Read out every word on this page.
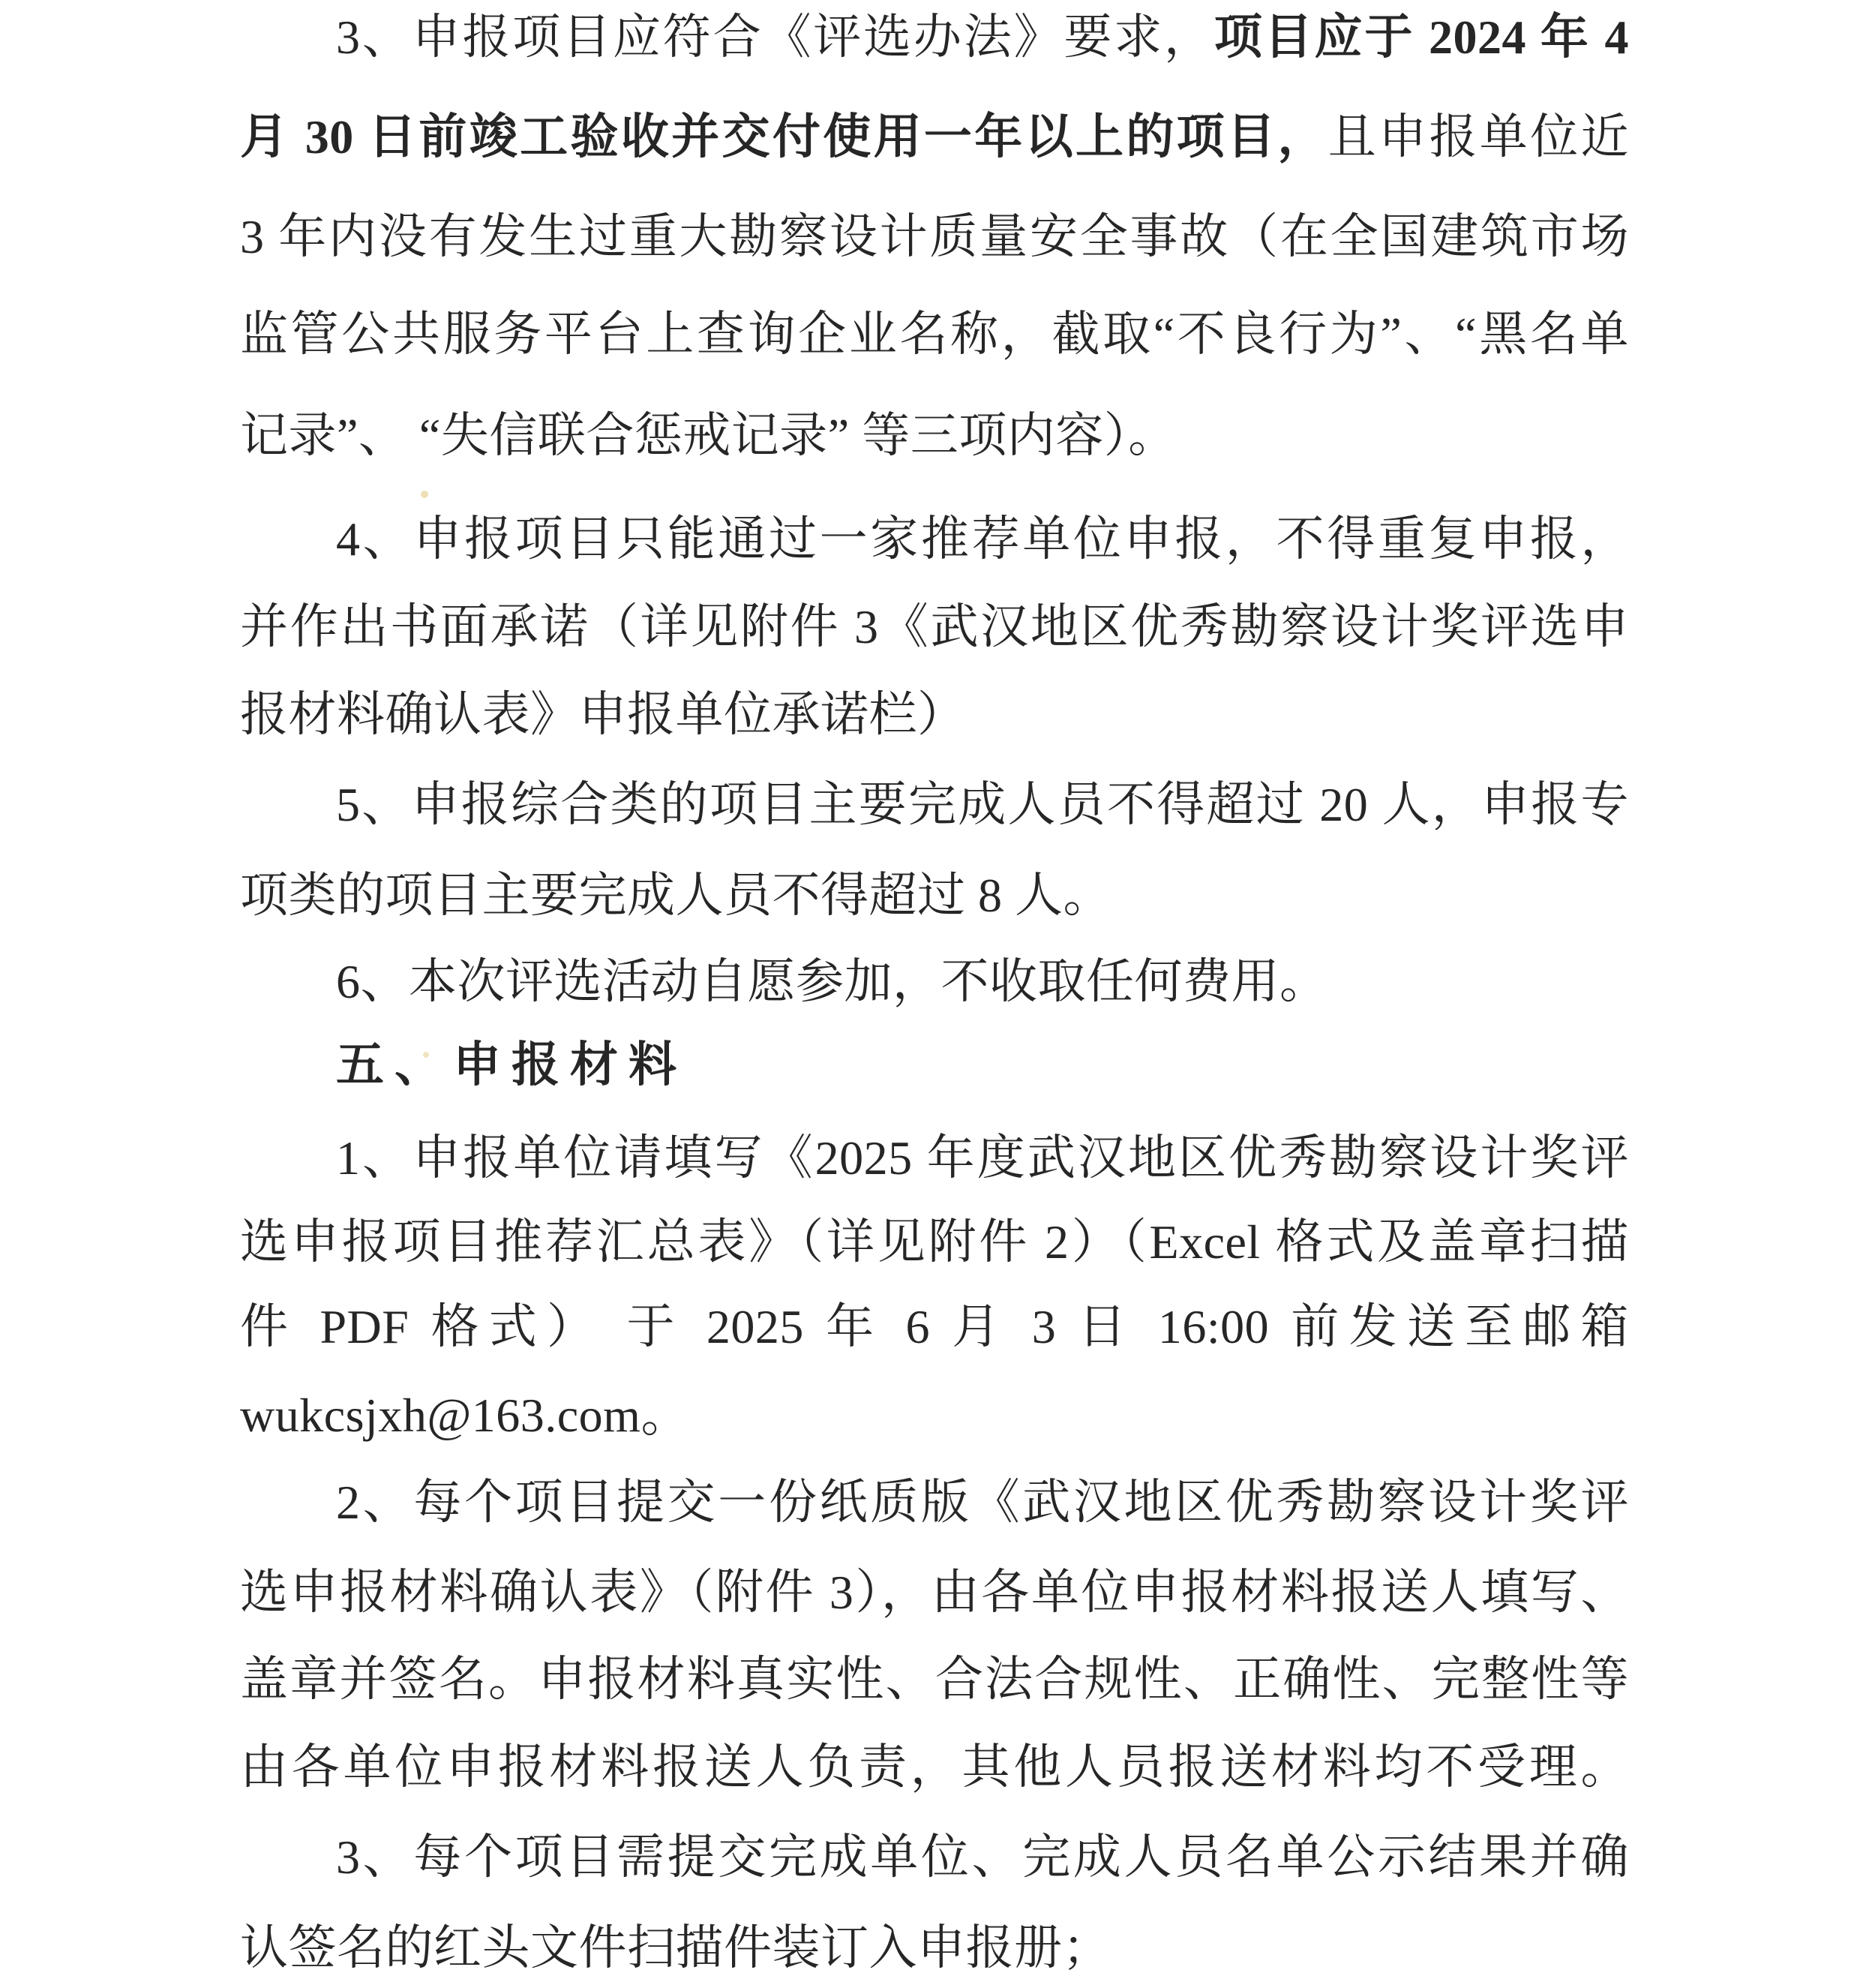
3、申报项目应符合《评选办法》要求，项目应于 2024 年 4
月 30 日前竣工验收并交付使用一年以上的项目，且申报单位近
3 年内没有发生过重大勘察设计质量安全事故（在全国建筑市场
监管公共服务平台上查询企业名称，截取“不良行为”、“黑名单
记录”、 “失信联合惩戒记录” 等三项内容）。
4、申报项目只能通过一家推荐单位申报，不得重复申报，
并作出书面承诺（详见附件 3《武汉地区优秀勘察设计奖评选申
报材料确认表》申报单位承诺栏）
5、申报综合类的项目主要完成人员不得超过 20 人，申报专
项类的项目主要完成人员不得超过 8 人。
6、本次评选活动自愿参加，不收取任何费用。
五、申报材料
1、申报单位请填写《2025 年度武汉地区优秀勘察设计奖评
选申报项目推荐汇总表》（详见附件 2）（Excel 格式及盖章扫描
件 PDF 格式） 于 2025 年 6 月 3 日 16:00 前发送至邮箱
wukcsjxh@163.com。
2、每个项目提交一份纸质版《武汉地区优秀勘察设计奖评
选申报材料确认表》（附件 3），由各单位申报材料报送人填写、
盖章并签名。申报材料真实性、合法合规性、正确性、完整性等
由各单位申报材料报送人负责，其他人员报送材料均不受理。
3、每个项目需提交完成单位、完成人员名单公示结果并确
认签名的红头文件扫描件装订入申报册；
